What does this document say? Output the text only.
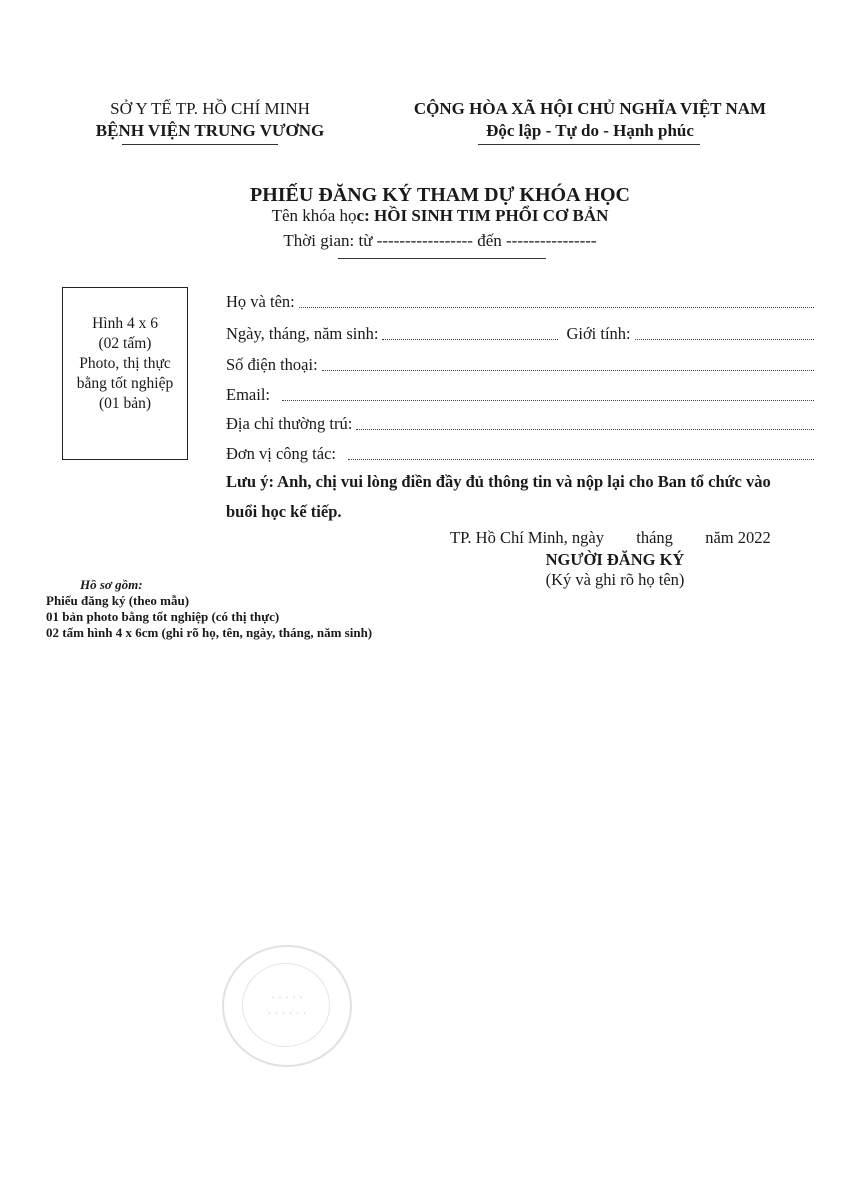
SỞ Y TẾ TP. HỒ CHÍ MINH
BỆNH VIỆN TRUNG VƯƠNG
CỘNG HÒA XÃ HỘI CHỦ NGHĨA VIỆT NAM
Độc lập - Tự do - Hạnh phúc
PHIẾU ĐĂNG KÝ THAM DỰ KHÓA HỌC
Tên khóa học: HỒI SINH TIM PHỔI CƠ BẢN
Thời gian: từ ----------------- đến ----------------
Hình 4 x 6
(02 tấm)
Photo, thị thực
bằng tốt nghiệp
(01 bản)
Họ và tên:
Ngày, tháng, năm sinh:	Giới tính:
Số điện thoại:
Email:
Địa chỉ thường trú:
Đơn vị công tác:
Lưu ý: Anh, chị vui lòng điền đầy đủ thông tin và nộp lại cho Ban tổ chức vào
buổi học kế tiếp.
TP. Hồ Chí Minh, ngày tháng năm 2022
NGƯỜI ĐĂNG KÝ
(Ký và ghi rõ họ tên)
Hồ sơ gồm:
Phiếu đăng ký (theo mẫu)
01 bản photo bằng tốt nghiệp (có thị thực)
02 tấm hình 4 x 6cm (ghi rõ họ, tên, ngày, tháng, năm sinh)
· · · · ·
· · · · · ·
